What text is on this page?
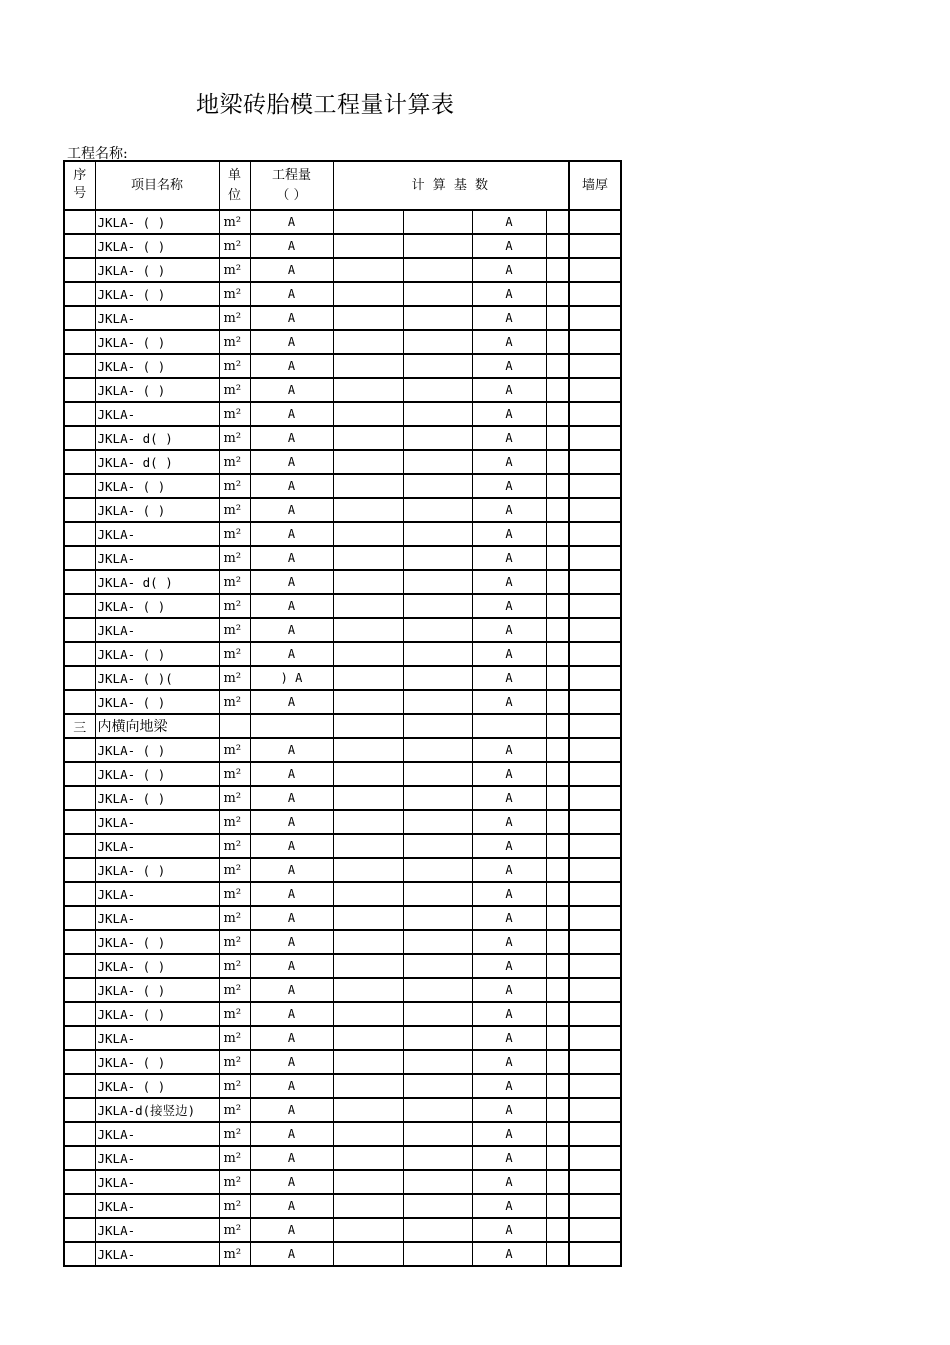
地梁砖胎模工程量计算表
工程名称:
序号	项目名称	单位	工程量（ ）	计 算 基 数				墙厚
	JKLA- ( )	m²	A			A		
	JKLA- ( )	m²	A			A		
	JKLA- ( )	m²	A			A		
	JKLA- ( )	m²	A			A		
	JKLA-	m²	A			A		
	JKLA- ( )	m²	A			A		
	JKLA- ( )	m²	A			A		
	JKLA- ( )	m²	A			A		
	JKLA-	m²	A			A		
	JKLA- d( )	m²	A			A		
	JKLA- d( )	m²	A			A		
	JKLA- ( )	m²	A			A		
	JKLA- ( )	m²	A			A		
	JKLA-	m²	A			A		
	JKLA-	m²	A			A		
	JKLA- d( )	m²	A			A		
	JKLA- ( )	m²	A			A		
	JKLA-	m²	A			A		
	JKLA- ( )	m²	A			A		
	JKLA- ( )(	m²	) A			A		
	JKLA- ( )	m²	A			A		
三	内横向地梁							
	JKLA- ( )	m²	A			A		
	JKLA- ( )	m²	A			A		
	JKLA- ( )	m²	A			A		
	JKLA-	m²	A			A		
	JKLA-	m²	A			A		
	JKLA- ( )	m²	A			A		
	JKLA-	m²	A			A		
	JKLA-	m²	A			A		
	JKLA- ( )	m²	A			A		
	JKLA- ( )	m²	A			A		
	JKLA- ( )	m²	A			A		
	JKLA- ( )	m²	A			A		
	JKLA-	m²	A			A		
	JKLA- ( )	m²	A			A		
	JKLA- ( )	m²	A			A		
	JKLA-d(接竖边)	m²	A			A		
	JKLA-	m²	A			A		
	JKLA-	m²	A			A		
	JKLA-	m²	A			A		
	JKLA-	m²	A			A		
	JKLA-	m²	A			A		
	JKLA-	m²	A			A		
